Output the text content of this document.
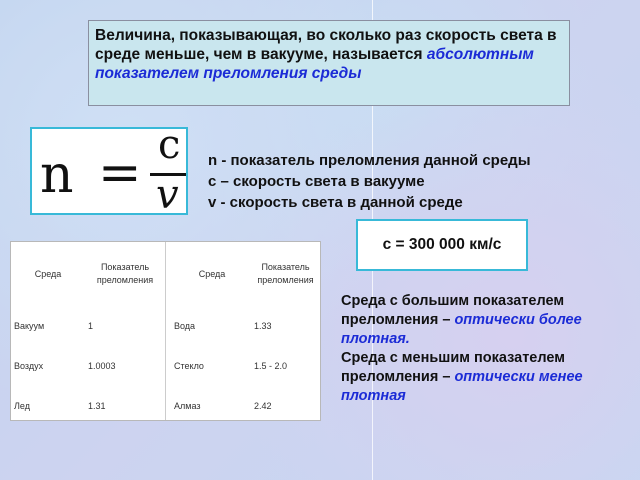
Величина, показывающая, во сколько раз скорость света в среде меньше, чем в вакууме, называется абсолютным показателем преломления среды
n = c
v
n - показатель преломления данной среды
с – скорость света в вакууме
v - скорость света в данной среде
с = 300 000 км/с
Среда	Показатель преломления	Среда	Показатель преломления
Вакуум	1	Вода	1.33
Воздух	1.0003	Стекло	1.5 - 2.0
Лед	1.31	Алмаз	2.42
Среда с большим показателем преломления – оптически более плотная.
Среда с меньшим показателем преломления – оптически менее плотная
